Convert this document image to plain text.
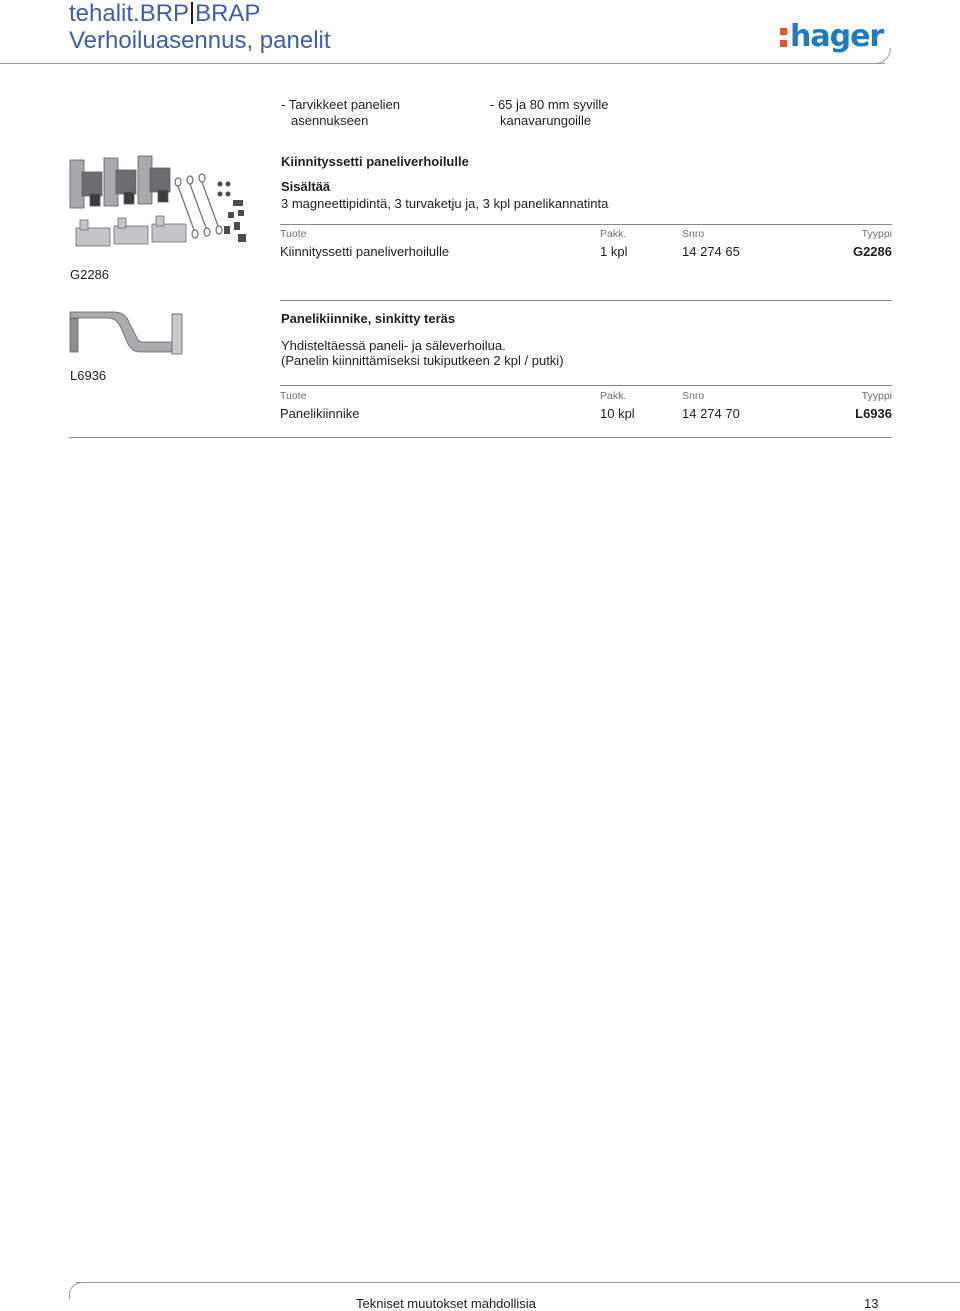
tehalit.BRP BRAP
Verhoiluasennus, panelit	hager
- Tarvikkeet panelien
asennukseen
- 65 ja 80 mm syville
kanavarungoille
G2286
Kiinnityssetti paneliverhoilulle
Sisältää
3 magneettipidintä, 3 turvaketju ja, 3 kpl panelikannatinta
Tuote	Pakk.	Snro	Tyyppi
Kiinnityssetti paneliverhoilulle	1 kpl	14 274 65	G2286
L6936
Panelikiinnike, sinkitty teräs
Yhdisteltäessä paneli- ja säleverhoilua.
(Panelin kiinnittämiseksi tukiputkeen 2 kpl / putki)
Tuote	Pakk.	Snro	Tyyppi
Panelikiinnike	10 kpl	14 274 70	L6936
Tekniset muutokset mahdollisia	13
